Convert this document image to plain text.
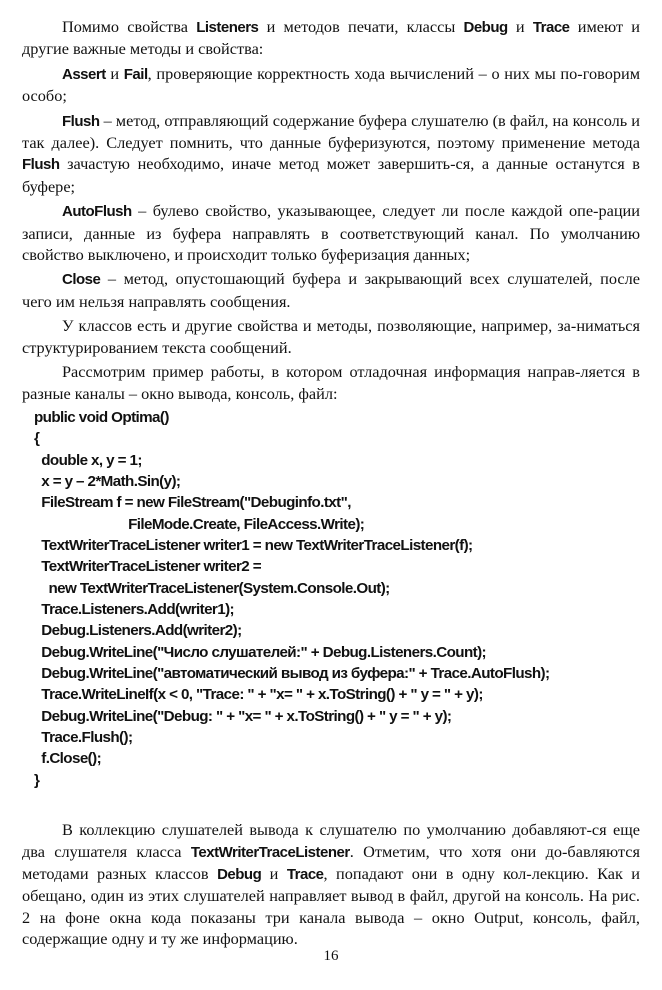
Помимо свойства Listeners и методов печати, классы Debug и Trace имеют и другие важные методы и свойства:

Assert и Fail, проверяющие корректность хода вычислений – о них мы по-говорим особо;

Flush – метод, отправляющий содержание буфера слушателю (в файл, на консоль и так далее). Следует помнить, что данные буферизуются, поэтому применение метода Flush зачастую необходимо, иначе метод может завершить-ся, а данные останутся в буфере;

AutoFlush – булево свойство, указывающее, следует ли после каждой опе-рации записи, данные из буфера направлять в соответствующий канал. По умолчанию свойство выключено, и происходит только буферизация данных;

Close – метод, опустошающий буфера и закрывающий всех слушателей, после чего им нельзя направлять сообщения.

У классов есть и другие свойства и методы, позволяющие, например, за-ниматься структурированием текста сообщений.

Рассмотрим пример работы, в котором отладочная информация направ-ляется в разные каналы – окно вывода, консоль, файл:

public void Optima()
{
double x, y = 1;
x = y – 2*Math.Sin(y);
FileStream f = new FileStream("Debuginfo.txt",
FileMode.Create, FileAccess.Write);
TextWriterTraceListener writer1 = new TextWriterTraceListener(f);
TextWriterTraceListener writer2 =
new TextWriterTraceListener(System.Console.Out);
Trace.Listeners.Add(writer1);
Debug.Listeners.Add(writer2);
Debug.WriteLine("Число слушателей:" + Debug.Listeners.Count);
Debug.WriteLine("автоматический вывод из буфера:" + Trace.AutoFlush);
Trace.WriteLineIf(x < 0, "Trace: " + "x= " + x.ToString() + " y = " + y);
Debug.WriteLine("Debug: " + "x= " + x.ToString() + " y = " + y);
Trace.Flush();
f.Close();
}

В коллекцию слушателей вывода к слушателю по умолчанию добавляют-ся еще два слушателя класса TextWriterTraceListener. Отметим, что хотя они до-бавляются методами разных классов Debug и Trace, попадают они в одну кол-лекцию. Как и обещано, один из этих слушателей направляет вывод в файл, другой на консоль. На рис. 2 на фоне окна кода показаны три канала вывода – окно Output, консоль, файл, содержащие одну и ту же информацию.

16
